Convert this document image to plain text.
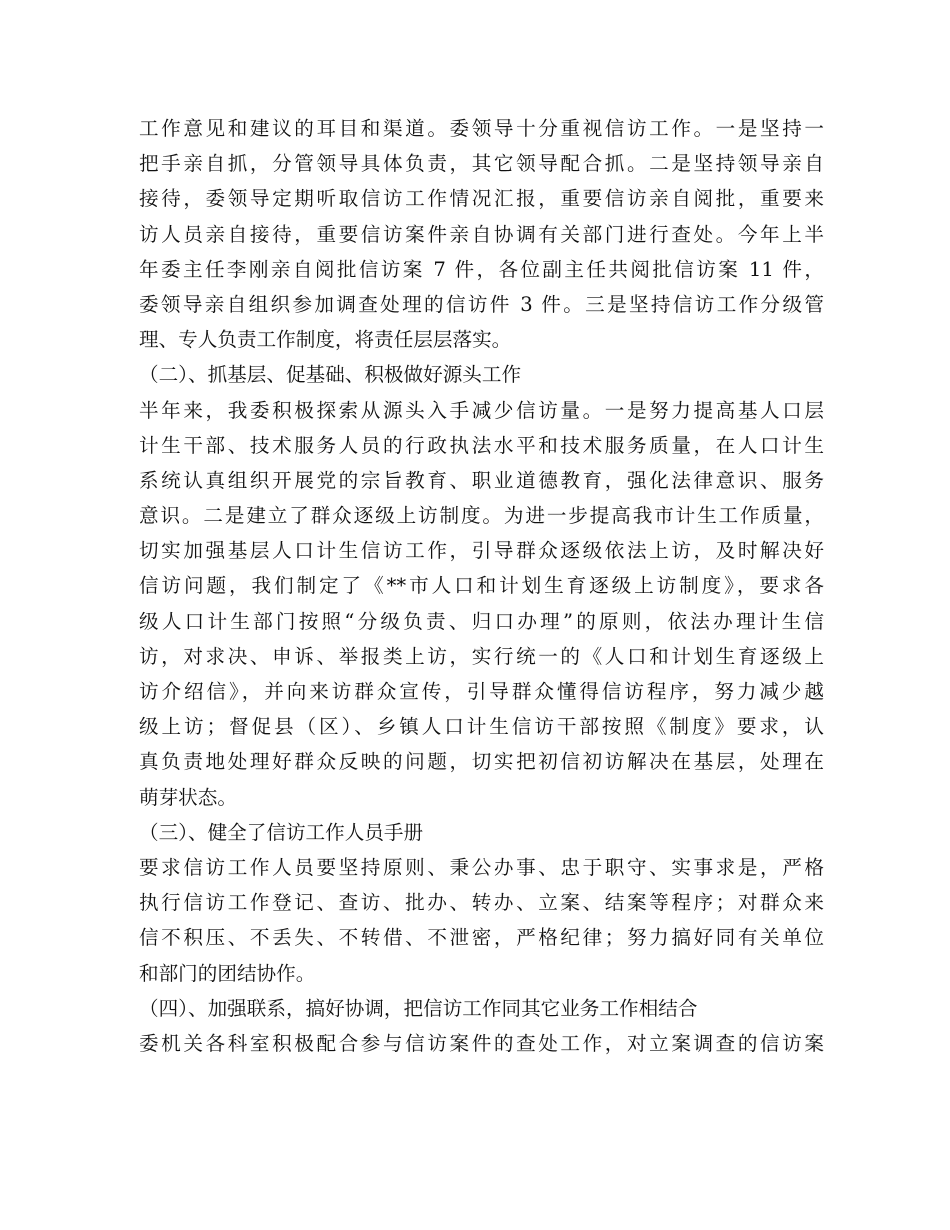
工作意见和建议的耳目和渠道。委领导十分重视信访工作。一是坚持一
把手亲自抓，分管领导具体负责，其它领导配合抓。二是坚持领导亲自
接待，委领导定期听取信访工作情况汇报，重要信访亲自阅批，重要来
访人员亲自接待，重要信访案件亲自协调有关部门进行查处。今年上半
年委主任李刚亲自阅批信访案 7 件，各位副主任共阅批信访案 11 件，
委领导亲自组织参加调查处理的信访件 3 件。三是坚持信访工作分级管
理、专人负责工作制度，将责任层层落实。
（二）、抓基层、促基础、积极做好源头工作
半年来，我委积极探索从源头入手减少信访量。一是努力提高基人口层
计生干部、技术服务人员的行政执法水平和技术服务质量，在人口计生
系统认真组织开展党的宗旨教育、职业道德教育，强化法律意识、服务
意识。二是建立了群众逐级上访制度。为进一步提高我市计生工作质量，
切实加强基层人口计生信访工作，引导群众逐级依法上访，及时解决好
信访问题，我们制定了《**市人口和计划生育逐级上访制度》，要求各
级人口计生部门按照“分级负责、归口办理”的原则，依法办理计生信
访，对求决、申诉、举报类上访，实行统一的《人口和计划生育逐级上
访介绍信》，并向来访群众宣传，引导群众懂得信访程序，努力减少越
级上访；督促县（区）、乡镇人口计生信访干部按照《制度》要求，认
真负责地处理好群众反映的问题，切实把初信初访解决在基层，处理在
萌芽状态。
（三）、健全了信访工作人员手册
要求信访工作人员要坚持原则、秉公办事、忠于职守、实事求是，严格
执行信访工作登记、查访、批办、转办、立案、结案等程序；对群众来
信不积压、不丢失、不转借、不泄密，严格纪律；努力搞好同有关单位
和部门的团结协作。
（四）、加强联系，搞好协调，把信访工作同其它业务工作相结合
委机关各科室积极配合参与信访案件的查处工作，对立案调查的信访案
